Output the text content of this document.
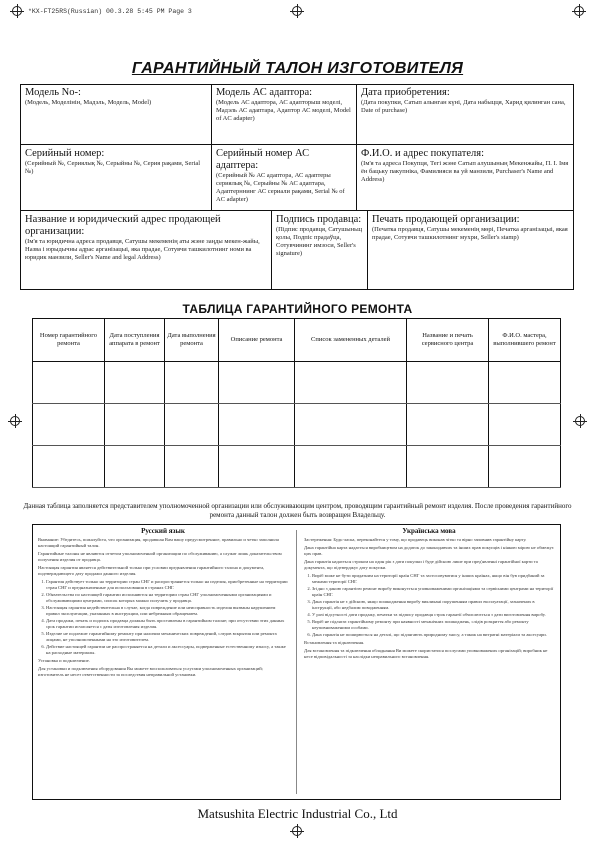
*KX-FT25RS(Russian) 00.3.28 5:45 PM Page 3
ГАРАНТИЙНЫЙ ТАЛОН ИЗГОТОВИТЕЛЯ
Модель No-:
(Модель, Моделiнiн, Мадэль, Модель, Model)
Модель АС адаптора:
(Модель АС адаптора, АС адапторыш моделi, Мадэль АС адаптара, Адаптор АС моделi, Model of AC adapter)
Дата приобретения:
(Дата покупки, Сатып алынган күнi, Дата набыцця, Харид қилинган сана, Date of purchase)
Серийный номер:
(Серийный №, Сериялық №, Серыйны №, Серия рақами, Serial №)
Серийный номер АС адаптера:
(Серийный № АС адаптора, АС адаптеры сериялық №, Серыйны № АС адаптара, Адаптерннинг АС сериали рақами, Serial № of AC adapter)
Ф.И.О. и адрес покупателя:
(Ім'я та адреса Покупця, Тегі жэне Сатып алушының Мекенжайы, П. І. Імя ён бацьку пакупніка, Фамилияси ва уй манзили, Purchaser's Name and Address)
Название и юридический адрес продающей организации:
(Ім'я та юридична адреса продавця, Сатушы мекеменің аты жэне заңды мекен-жайы, Назва і юрыдычны адрас арганізацыі, яка прадае, Сотувчи ташкилотнинг номи ва юридик манзили, Seller's Name and legal Address)
Подпись продавца:
(Підпис продавця, Сатушыньщ қолы, Подпіс прадаўца, Сотувчининг имзоси, Seller's signature)
Печать продающей организации:
(Печатка продавця, Сатушы мекеменің мөрi, Печатка арганізацыі, якая прадае, Сотувчи ташкилотнинг мухри, Seller's stamp)
ТАБЛИЦА ГАРАНТИЙНОГО РЕМОНТА
Номер гарантийного ремонта	Дата поступления аппарата в ремонт	Дата выполнения ремонта	Описание ремонта	Список замененных деталей	Название и печать сервисного центра	Ф.И.О. мастера, выполнившего ремонт

Данная таблица заполняется представителем уполномоченной организации или обслуживающим центром, проводящим гарантийный ремонт изделия. После проведения гарантийного ремонта данный талон должен быть возвращен Владельцу.
Русский язык

Внимание: Убедитесь, пожалуйста, что организация, продавшая Вам вашу предусмотренное, правильно и четко заполнила настоящий гарантийный талон.

Гарантийные талоны не являются отчетом уполномоченной организации по обслуживанию, а служат лишь доказательством получения изделия от продавца.

Настоящая гарантия является действительной только при условии предъявления гарантийного талона и документа, подтверждающего дату продажи данного изделия.

1. Гарантия действует только на территории стран СНГ и распространяется только на изделия, приобретенные на территории стран СНГ и предназначенные для использования в странах СНГ.
2. Обязательства по настоящей гарантии исполняются на территории стран СНГ уполномоченными организациями и обслуживающими центрами, список которых можно получить у продавца.
3. Настоящая гарантия недействительна в случае, когда повреждение или неисправность изделия вызваны нарушением правил эксплуатации, указанных в инструкции, или небрежным обращением.
4. Дата продажи, печать и подпись продавца должны быть проставлены в гарантийном талоне; при отсутствии этих данных срок гарантии исчисляется с даты изготовления изделия.
5. Изделие не подлежит гарантийному ремонту при наличии механических повреждений, следов вскрытия или ремонта лицами, не уполномоченными на это изготовителем.
6. Действие настоящей гарантии не распространяется на детали и аксессуары, подверженные естественному износу, а также на расходные материалы.

Установка и подключение.

Для установки и подключения оборудования Вы можете воспользоваться услугами уполномоченных организаций; изготовитель не несет ответственности за последствия неправильной установки.

Українська мова

Застереження: Будь-ласка, переконайтеся у тому, що продавець виконав чітко та вірно заповнив гарантійну карту.

Дана гарантійна карта надається виробництвом на додаток до законодавчих та інших прав покупців і ніякою мірою не обмежує цих прав.

Дана гарантія надається строком на один рік з дати покупки і буде дійсною лише при пред'явленні гарантійної карти та документа, що підтверджує дату покупки.

1. Виріб може не бути придатним на території країн СНГ та застосовуватися у інших країнах, якщо він був придбаний за межами території СНГ.
2. Згідно з даною гарантією ремонт виробу виконується уповноваженими організаціями та сервісними центрами на території країн СНГ.
3. Дана гарантія не є дійсною, якщо пошкодження виробу викликані порушенням правил експлуатації, зазначених в інструкції, або недбалим поводженням.
4. У разі відсутності дати продажу, печатки та підпису продавця строк гарантії обчислюється з дати виготовлення виробу.
5. Виріб не підлягає гарантійному ремонту при наявності механічних пошкоджень, слідів розкриття або ремонту неуповноваженими особами.
6. Дана гарантія не поширюється на деталі, що підлягають природному зносу, а також на витратні матеріали та аксесуари.

Встановлення та підключення.

Для встановлення та підключення обладнання Ви можете скористатися послугами уповноважених організацій; виробник не несе відповідальності за наслідки неправильного встановлення.

Matsushita Electric Industrial Co., Ltd
